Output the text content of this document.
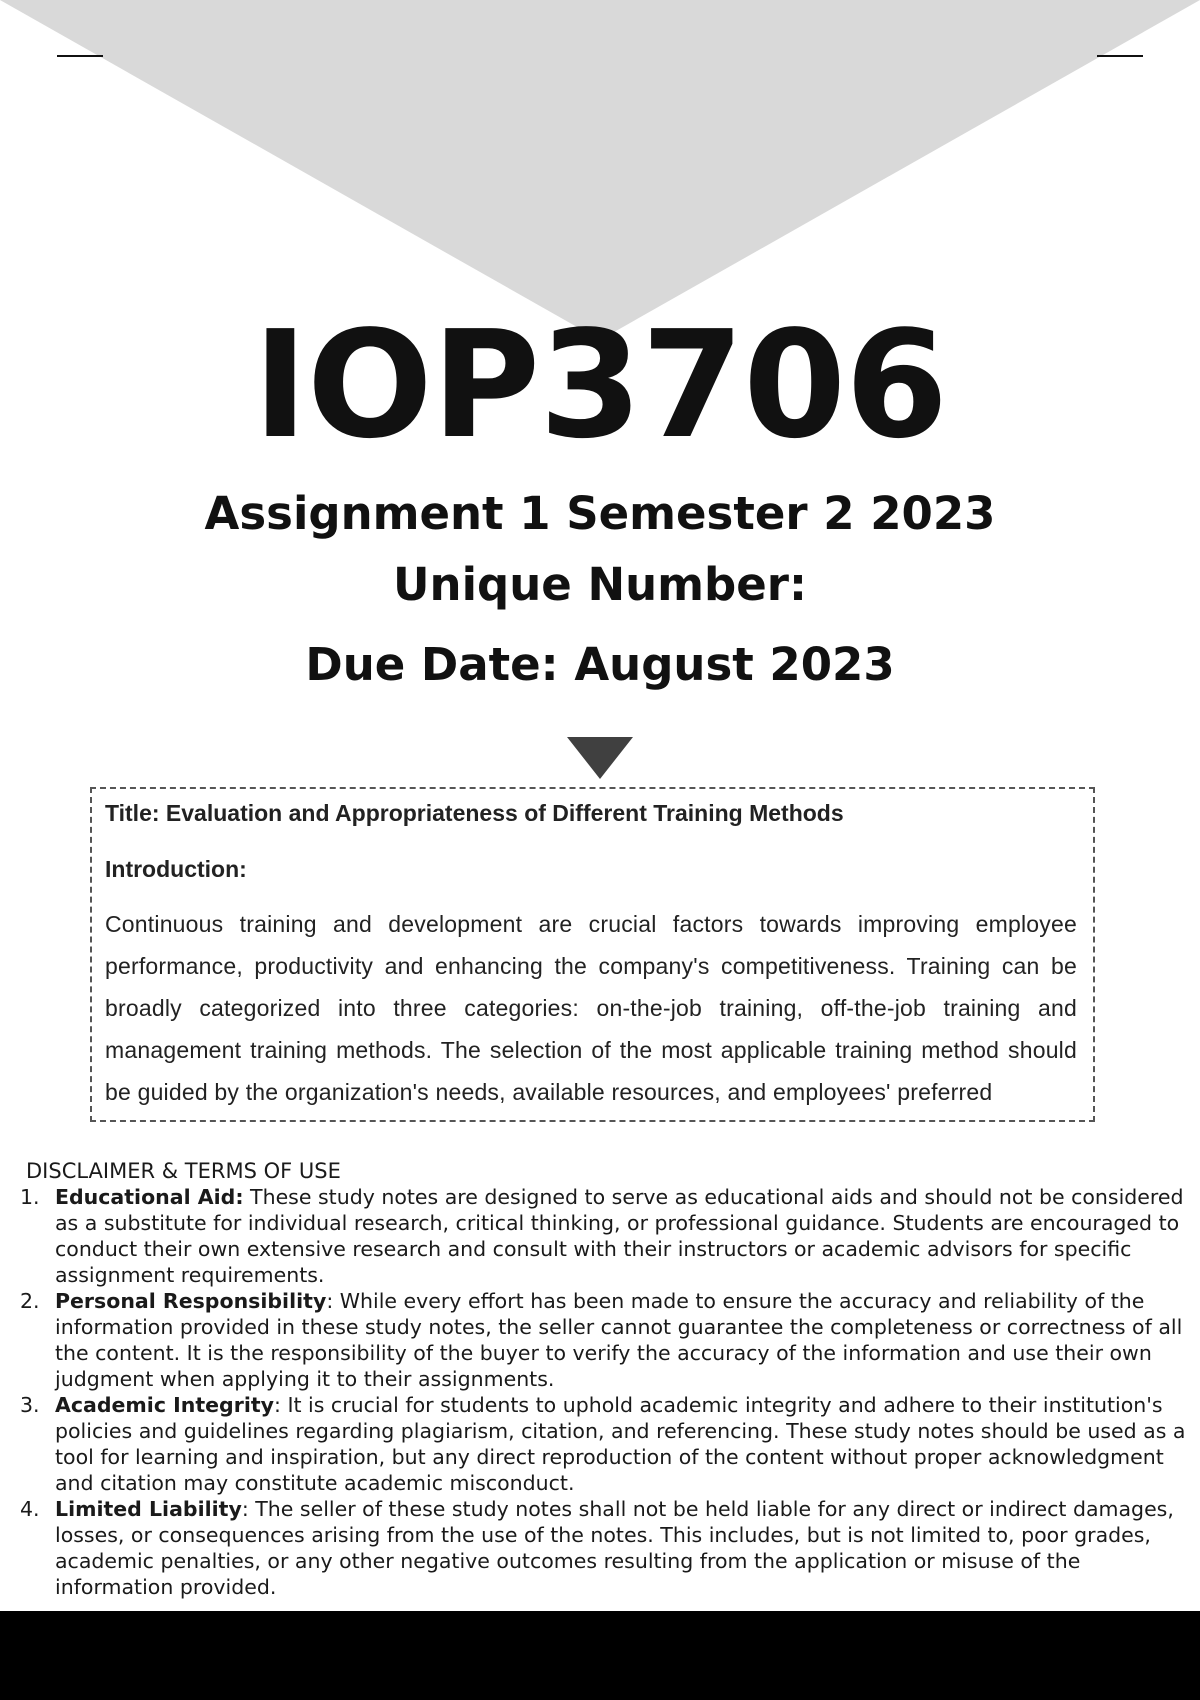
IOP3706
Assignment 1 Semester 2 2023
Unique Number:
Due Date: August 2023
Title: Evaluation and Appropriateness of Different Training Methods
Introduction:
Continuous training and development are crucial factors towards improving employee performance, productivity and enhancing the company's competitiveness. Training can be broadly categorized into three categories: on-the-job training, off-the-job training and management training methods. The selection of the most applicable training method should be guided by the organization's needs, available resources, and employees' preferred
DISCLAIMER & TERMS OF USE
1. Educational Aid: These study notes are designed to serve as educational aids and should not be considered as a substitute for individual research, critical thinking, or professional guidance. Students are encouraged to conduct their own extensive research and consult with their instructors or academic advisors for specific assignment requirements.
2. Personal Responsibility: While every effort has been made to ensure the accuracy and reliability of the information provided in these study notes, the seller cannot guarantee the completeness or correctness of all the content. It is the responsibility of the buyer to verify the accuracy of the information and use their own judgment when applying it to their assignments.
3. Academic Integrity: It is crucial for students to uphold academic integrity and adhere to their institution's policies and guidelines regarding plagiarism, citation, and referencing. These study notes should be used as a tool for learning and inspiration, but any direct reproduction of the content without proper acknowledgment and citation may constitute academic misconduct.
4. Limited Liability: The seller of these study notes shall not be held liable for any direct or indirect damages, losses, or consequences arising from the use of the notes. This includes, but is not limited to, poor grades, academic penalties, or any other negative outcomes resulting from the application or misuse of the information provided.
